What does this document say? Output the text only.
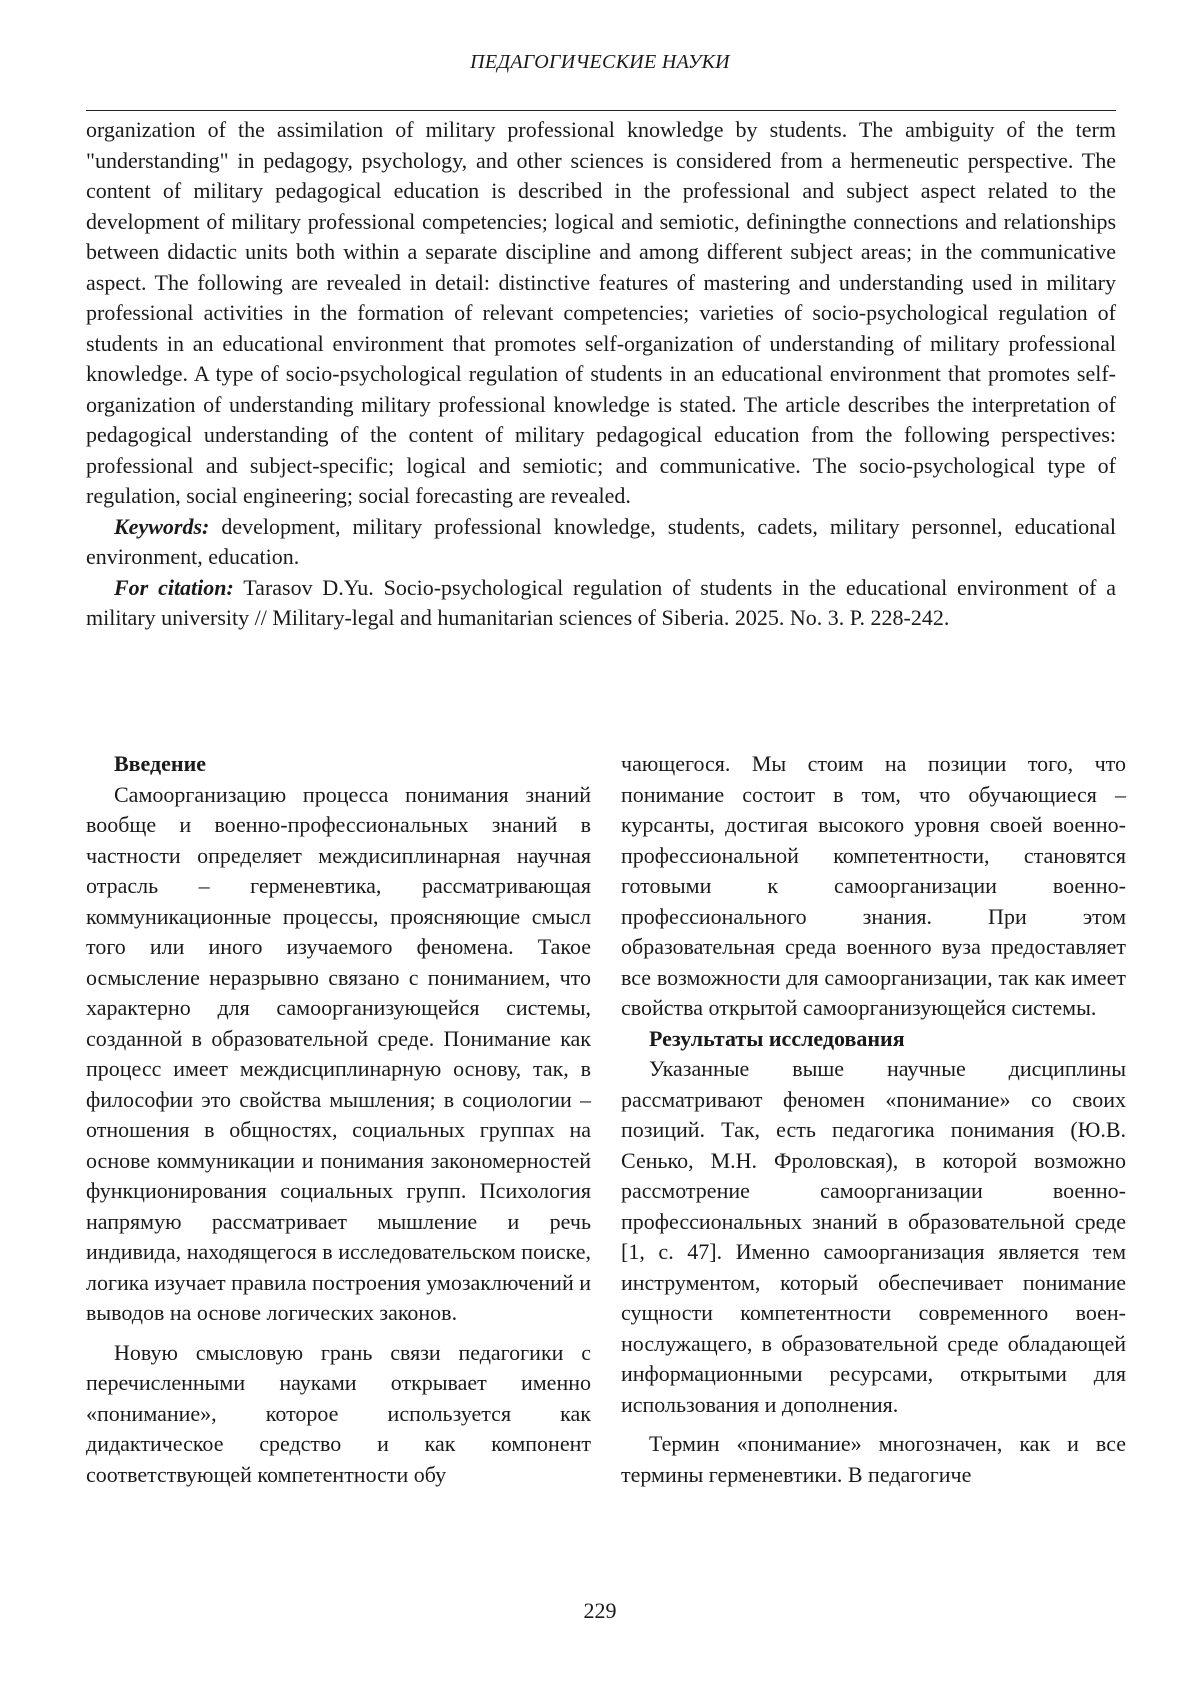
ПЕДАГОГИЧЕСКИЕ НАУКИ

organization of the assimilation of military professional knowledge by students. The ambiguity of the term "understanding" in pedagogy, psychology, and other sciences is considered from a hermeneutic perspective. The content of military pedagogical education is described in the professional and subject aspect related to the development of military professional competencies; logical and semiotic, definingthe connections and relationships between didactic units both within a separate discipline and among different subject areas; in the communicative aspect. The following are revealed in detail: distinctive features of mastering and understanding used in military professional activities in the formation of relevant competencies; varieties of socio-psychological regulation of students in an educational environment that promotes self-organization of understanding of military professional knowledge. A type of socio-psychological regulation of students in an educational environment that promotes self-organization of understanding military professional knowledge is stated. The article describes the interpretation of pedagogical understanding of the content of military pedagogical education from the following perspectives: professional and subject-specific; logical and semiotic; and communicative. The socio-psychological type of regulation, social engineering; social forecasting are revealed.

Keywords: development, military professional knowledge, students, cadets, military personnel, educational environment, education.

For citation: Tarasov D.Yu. Socio-psychological regulation of students in the educational environment of a military university // Military-legal and humanitarian sciences of Siberia. 2025. No. 3. P. 228-242.

Введение

Самоорганизацию процесса понимания знаний вообще и военно-профессиональных знаний в частности определяет междисиплинарная научная отрасль – герменевтика, рассматривающая коммуникационные процессы, проясняющие смысл того или иного изучаемого феномена. Такое осмысление неразрывно связано с пониманием, что характерно для самоорганизующейся системы, созданной в образовательной среде. Понимание как процесс имеет междисциплинарную основу, так, в философии это свойства мышления; в социологии – отношения в общностях, социальных группах на основе коммуникации и понимания закономерностей функционирования социальных групп. Психология напрямую рассматривает мышление и речь индивида, находящегося в исследовательском поиске, логика изучает правила построения умозаключений и выводов на основе логических законов.

Новую смысловую грань связи педагогики с перечисленными науками открывает именно «понимание», которое используется как дидактическое средство и как компонент соответствующей компетентности обу

чающегося. Мы стоим на позиции того, что понимание состоит в том, что обучающиеся – курсанты, достигая высокого уровня своей военно-профессиональной компетентности, становятся готовыми к самоорганизации военно-профессионального знания. При этом образовательная среда военного вуза предоставляет все возможности для самоорганизации, так как имеет свойства открытой самоорганизующейся системы.

Результаты исследования

Указанные выше научные дисциплины рассматривают феномен «понимание» со своих позиций. Так, есть педагогика понимания (Ю.В. Сенько, М.Н. Фроловская), в которой возможно рассмотрение самоорганизации военно-профессиональных знаний в образовательной среде [1, с. 47]. Именно самоорганизация является тем инструментом, который обеспечивает понимание сущности компетентности современного военнослужащего, в образовательной среде обладающей информационными ресурсами, открытыми для использования и дополнения.

Термин «понимание» многозначен, как и все термины герменевтики. В педагогиче

229
